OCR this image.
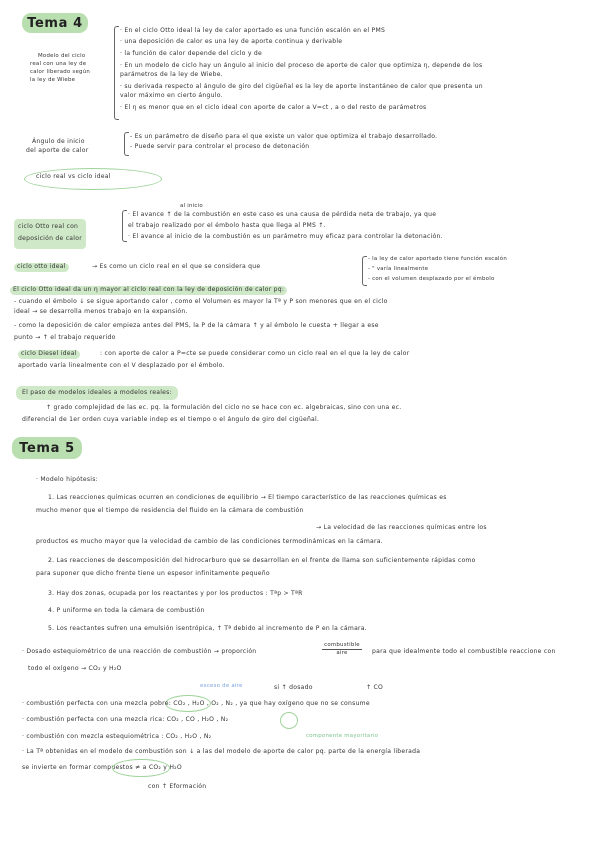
Tema 4
Modelo del ciclo
real con una ley de
calor liberado según
la ley de Wiebe
· En el ciclo Otto ideal la ley de calor aportado es una función escalón en el PMS
· una deposición de calor es una ley de aporte continua y derivable
· la función de calor depende del ciclo y de
· En un modelo de ciclo hay un ángulo al inicio del proceso de aporte de calor que optimiza η, depende de los
parámetros de la ley de Wiebe.
· su derivada respecto al ángulo de giro del cigüeñal es la ley de aporte instantáneo de calor que presenta un
valor máximo en cierto ángulo.
· El η es menor que en el ciclo ideal con aporte de calor a V=ct , a o del resto de parámetros
Ángulo de inicio
del aporte de calor
- Es un parámetro de diseño para el que existe un valor que optimiza el trabajo desarrollado.
- Puede servir para controlar el proceso de detonación
ciclo real vs ciclo ideal
ciclo Otto real con
deposición de calor
al inicio
· El avance ↑ de la combustión en este caso es una causa de pérdida neta de trabajo, ya que
el trabajo realizado por el émbolo hasta que llega al PMS ↑.
· El avance al inicio de la combustión es un parámetro muy eficaz para controlar la detonación.
ciclo otto ideal	→ Es como un ciclo real en el que se considera que
- la ley de calor aportado tiene función escalón
- " varía linealmente
- con el volumen desplazado por el émbolo
El ciclo Otto ideal da un η mayor al ciclo real con la ley de deposición de calor pq:
- cuando el émbolo ↓ se sigue aportando calor , como el Volumen es mayor la Tª y P son menores que en el ciclo
ideal → se desarrolla menos trabajo en la expansión.
- como la deposición de calor empieza antes del PMS, la P de la cámara ↑ y al émbolo le cuesta + llegar a ese
punto → ↑ el trabajo requerido
ciclo Diesel ideal	: con aporte de calor a P=cte se puede considerar como un ciclo real en el que la ley de calor
aportado varía linealmente con el V desplazado por el émbolo.
El paso de modelos ideales a modelos reales:
↑ grado complejidad de las ec. pq. la formulación del ciclo no se hace con ec. algebraicas, sino con una ec.
diferencial de 1er orden cuya variable indep es el tiempo o el ángulo de giro del cigüeñal.
Tema 5
· Modelo hipótesis:
1. Las reacciones químicas ocurren en condiciones de equilibrio → El tiempo característico de las reacciones químicas es
mucho menor que el tiempo de residencia del fluido en la cámara de combustión
→ La velocidad de las reacciones químicas entre los
productos es mucho mayor que la velocidad de cambio de las condiciones termodinámicas en la cámara.
2. Las reacciones de descomposición del hidrocarburo que se desarrollan en el frente de llama son suficientemente rápidas como
para suponer que dicho frente tiene un espesor infinitamente pequeño
3. Hay dos zonas, ocupada por los reactantes y por los productos : Tªp > TªR
4. P uniforme en toda la cámara de combustión
5. Los reactantes sufren una emulsión isentrópica, ↑ Tª debido al incremento de P en la cámara.
· Dosado estequiométrico de una reacción de combustión → proporción
combustible
aire	para que idealmente todo el combustible reaccione con
todo el oxígeno → CO₂ y H₂O
exceso de aire	si ↑ dosado	↑ CO
· combustión perfecta con una mezcla pobre: CO₂ , H₂O , O₂ , N₂ , ya que hay oxígeno que no se consume
· combustión perfecta con una mezcla rica: CO₂ , CO , H₂O , N₂
· combustión con mezcla estequiométrica : CO₂ , H₂O , N₂	componente mayoritario
· La Tª obtenidas en el modelo de combustión son ↓ a las del modelo de aporte de calor pq. parte de la energía liberada
se invierte en formar compuestos ≠ a CO₂ y H₂O
con ↑ Eformación
